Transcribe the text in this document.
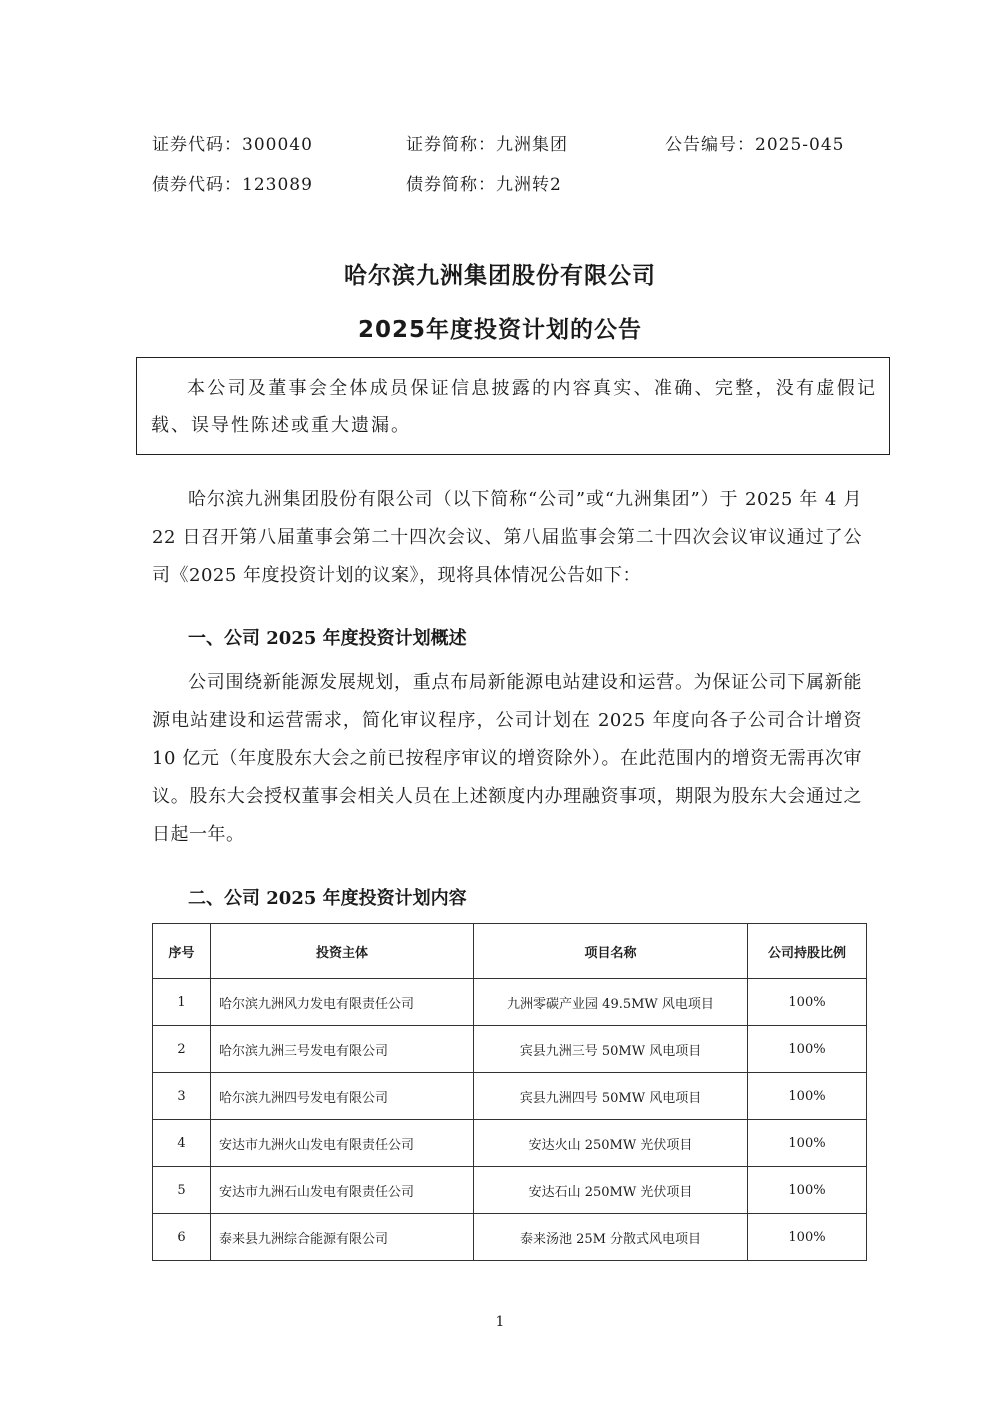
证券代码：300040	证券简称：九洲集团	公告编号：2025-045
债券代码：123089	债券简称：九洲转2
哈尔滨九洲集团股份有限公司
2025年度投资计划的公告
本公司及董事会全体成员保证信息披露的内容真实、准确、完整，没有虚假记载、误导性陈述或重大遗漏。
哈尔滨九洲集团股份有限公司（以下简称“公司”或“九洲集团”）于 2025 年 4 月 22 日召开第八届董事会第二十四次会议、第八届监事会第二十四次会议审议通过了公司《2025 年度投资计划的议案》，现将具体情况公告如下：
一、公司 2025 年度投资计划概述
公司围绕新能源发展规划，重点布局新能源电站建设和运营。为保证公司下属新能源电站建设和运营需求，简化审议程序，公司计划在 2025 年度向各子公司合计增资 10 亿元（年度股东大会之前已按程序审议的增资除外）。在此范围内的增资无需再次审议。股东大会授权董事会相关人员在上述额度内办理融资事项，期限为股东大会通过之日起一年。
二、公司 2025 年度投资计划内容
序号	投资主体	项目名称	公司持股比例
1	哈尔滨九洲风力发电有限责任公司	九洲零碳产业园 49.5MW 风电项目	100%
2	哈尔滨九洲三号发电有限公司	宾县九洲三号 50MW 风电项目	100%
3	哈尔滨九洲四号发电有限公司	宾县九洲四号 50MW 风电项目	100%
4	安达市九洲火山发电有限责任公司	安达火山 250MW 光伏项目	100%
5	安达市九洲石山发电有限责任公司	安达石山 250MW 光伏项目	100%
6	泰来县九洲综合能源有限公司	泰来汤池 25M 分散式风电项目	100%
1
